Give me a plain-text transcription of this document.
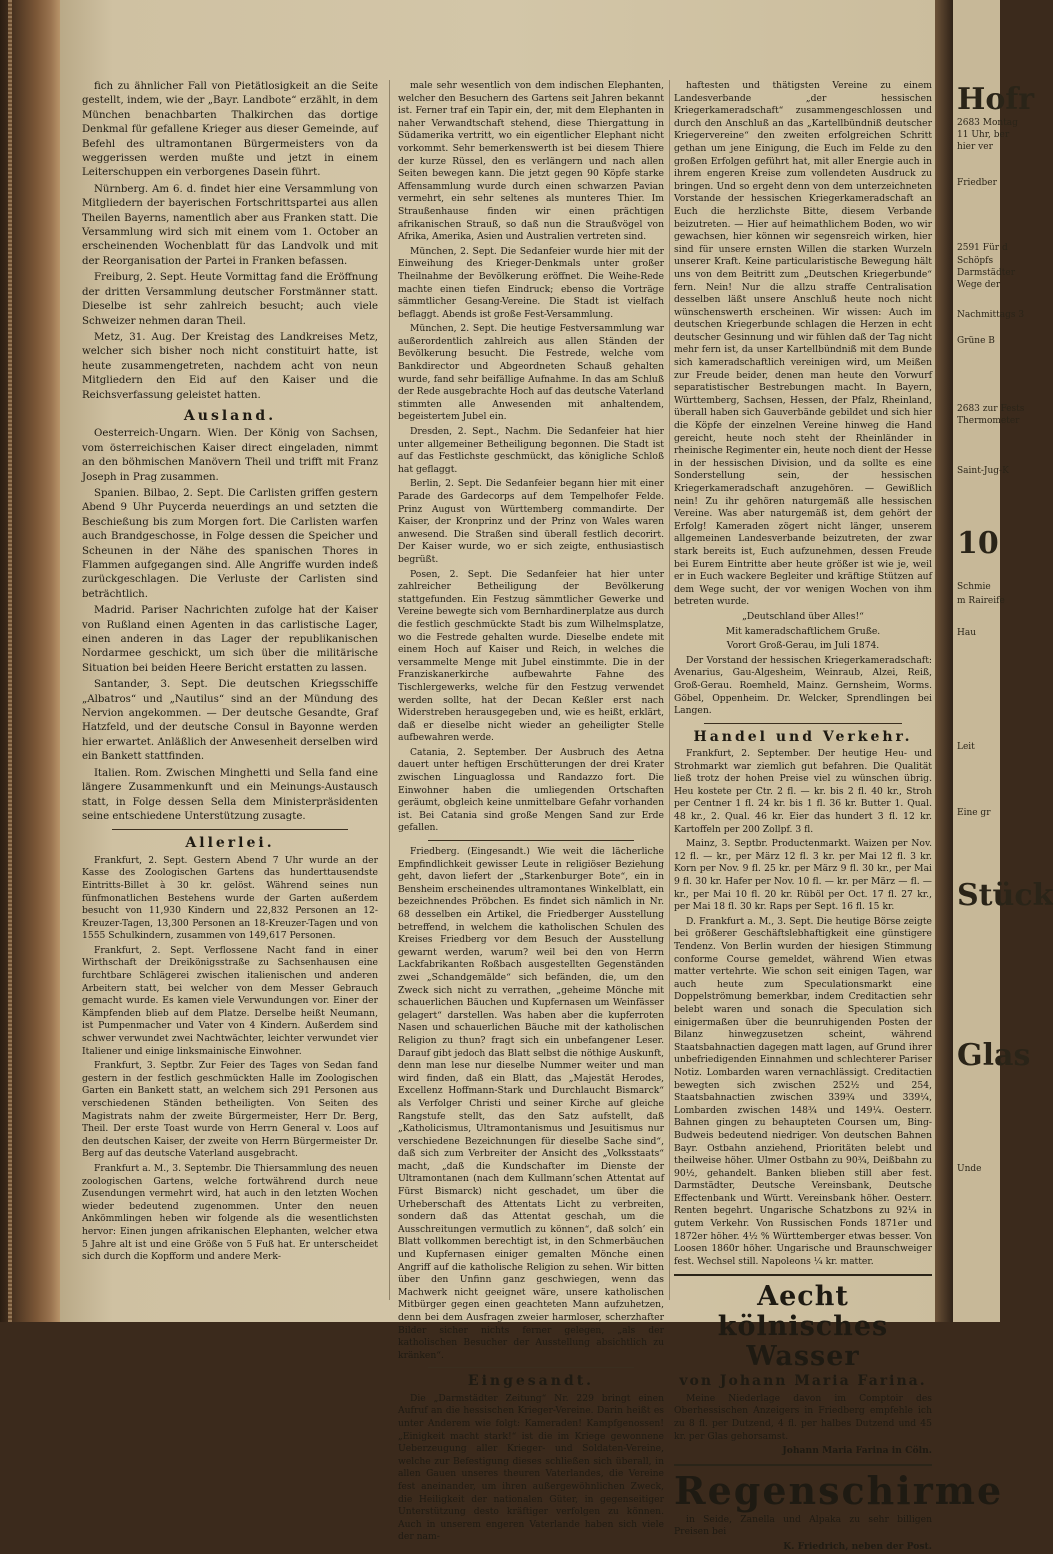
fich zu ähnlicher Fall von Pietätlosigkeit an die Seite gestellt, indem, wie der „Bayr. Landbote“ erzählt, in dem München benachbarten Thalkirchen das dortige Denkmal für gefallene Krieger aus dieser Gemeinde, auf Befehl des ultramontanen Bürgermeisters von da weggerissen werden mußte und jetzt in einem Leiterschuppen ein verborgenes Dasein führt.

Nürnberg. Am 6. d. findet hier eine Versammlung von Mitgliedern der bayerischen Fortschrittspartei aus allen Theilen Bayerns, namentlich aber aus Franken statt. Die Versammlung wird sich mit einem vom 1. October an erscheinenden Wochenblatt für das Landvolk und mit der Reorganisation der Partei in Franken befassen.

Freiburg, 2. Sept. Heute Vormittag fand die Eröffnung der dritten Versammlung deutscher Forstmänner statt. Dieselbe ist sehr zahlreich besucht; auch viele Schweizer nehmen daran Theil.

Metz, 31. Aug. Der Kreistag des Landkreises Metz, welcher sich bisher noch nicht constituirt hatte, ist heute zusammengetreten, nachdem acht von neun Mitgliedern den Eid auf den Kaiser und die Reichsverfassung geleistet hatten.

Ausland.

Oesterreich-Ungarn. Wien. Der König von Sachsen, vom österreichischen Kaiser direct eingeladen, nimmt an den böhmischen Manövern Theil und trifft mit Franz Joseph in Prag zusammen.

Spanien. Bilbao, 2. Sept. Die Carlisten griffen gestern Abend 9 Uhr Puycerda neuerdings an und setzten die Beschießung bis zum Morgen fort. Die Carlisten warfen auch Brandgeschosse, in Folge dessen die Speicher und Scheunen in der Nähe des spanischen Thores in Flammen aufgegangen sind. Alle Angriffe wurden indeß zurückgeschlagen. Die Verluste der Carlisten sind beträchtlich.

Madrid. Pariser Nachrichten zufolge hat der Kaiser von Rußland einen Agenten in das carlistische Lager, einen anderen in das Lager der republikanischen Nordarmee geschickt, um sich über die militärische Situation bei beiden Heere Bericht erstatten zu lassen.

Santander, 3. Sept. Die deutschen Kriegsschiffe „Albatros“ und „Nautilus“ sind an der Mündung des Nervion angekommen. — Der deutsche Gesandte, Graf Hatzfeld, und der deutsche Consul in Bayonne werden hier erwartet. Anläßlich der Anwesenheit derselben wird ein Bankett stattfinden.

Italien. Rom. Zwischen Minghetti und Sella fand eine längere Zusammenkunft und ein Meinungs-Austausch statt, in Folge dessen Sella dem Ministerpräsidenten seine entschiedene Unterstützung zusagte.

Allerlei.

Frankfurt, 2. Sept. Gestern Abend 7 Uhr wurde an der Kasse des Zoologischen Gartens das hunderttausendste Eintritts-Billet à 30 kr. gelöst. Während seines nun fünfmonatlichen Bestehens wurde der Garten außerdem besucht von 11,930 Kindern und 22,832 Personen an 12-Kreuzer-Tagen, 13,300 Personen an 18-Kreuzer-Tagen und von 1555 Schulkindern, zusammen von 149,617 Personen.

Frankfurt, 2. Sept. Verflossene Nacht fand in einer Wirthschaft der Dreikönigsstraße zu Sachsenhausen eine furchtbare Schlägerei zwischen italienischen und anderen Arbeitern statt, bei welcher von dem Messer Gebrauch gemacht wurde. Es kamen viele Verwundungen vor. Einer der Kämpfenden blieb auf dem Platze. Derselbe heißt Neumann, ist Pumpenmacher und Vater von 4 Kindern. Außerdem sind schwer verwundet zwei Nachtwächter, leichter verwundet vier Italiener und einige linksmainische Einwohner.

Frankfurt, 3. Septbr. Zur Feier des Tages von Sedan fand gestern in der festlich geschmückten Halle im Zoologischen Garten ein Bankett statt, an welchem sich 291 Personen aus verschiedenen Ständen betheiligten. Von Seiten des Magistrats nahm der zweite Bürgermeister, Herr Dr. Berg, Theil. Der erste Toast wurde von Herrn General v. Loos auf den deutschen Kaiser, der zweite von Herrn Bürgermeister Dr. Berg auf das deutsche Vaterland ausgebracht.

Frankfurt a. M., 3. Septembr. Die Thiersammlung des neuen zoologischen Gartens, welche fortwährend durch neue Zusendungen vermehrt wird, hat auch in den letzten Wochen wieder bedeutend zugenommen. Unter den neuen Ankömmlingen heben wir folgende als die wesentlichsten hervor: Einen jungen afrikanischen Elephanten, welcher etwa 5 Jahre alt ist und eine Größe von 5 Fuß hat. Er unterscheidet sich durch die Kopfform und andere Merk-

male sehr wesentlich von dem indischen Elephanten, welcher den Besuchern des Gartens seit Jahren bekannt ist. Ferner traf ein Tapir ein, der, mit dem Elephanten in naher Verwandtschaft stehend, diese Thiergattung in Südamerika vertritt, wo ein eigentlicher Elephant nicht vorkommt. Sehr bemerkenswerth ist bei diesem Thiere der kurze Rüssel, den es verlängern und nach allen Seiten bewegen kann. Die jetzt gegen 90 Köpfe starke Affensammlung wurde durch einen schwarzen Pavian vermehrt, ein sehr seltenes als munteres Thier. Im Straußenhause finden wir einen prächtigen afrikanischen Strauß, so daß nun die Straußvögel von Afrika, Amerika, Asien und Australien vertreten sind.

München, 2. Sept. Die Sedanfeier wurde hier mit der Einweihung des Krieger-Denkmals unter großer Theilnahme der Bevölkerung eröffnet. Die Weihe-Rede machte einen tiefen Eindruck; ebenso die Vorträge sämmtlicher Gesang-Vereine. Die Stadt ist vielfach beflaggt. Abends ist große Fest-Versammlung.

München, 2. Sept. Die heutige Festversammlung war außerordentlich zahlreich aus allen Ständen der Bevölkerung besucht. Die Festrede, welche vom Bankdirector und Abgeordneten Schauß gehalten wurde, fand sehr beifällige Aufnahme. In das am Schluß der Rede ausgebrachte Hoch auf das deutsche Vaterland stimmten alle Anwesenden mit anhaltendem, begeistertem Jubel ein.

Dresden, 2. Sept., Nachm. Die Sedanfeier hat hier unter allgemeiner Betheiligung begonnen. Die Stadt ist auf das Festlichste geschmückt, das königliche Schloß hat geflaggt.

Berlin, 2. Sept. Die Sedanfeier begann hier mit einer Parade des Gardecorps auf dem Tempelhofer Felde. Prinz August von Württemberg commandirte. Der Kaiser, der Kronprinz und der Prinz von Wales waren anwesend. Die Straßen sind überall festlich decorirt. Der Kaiser wurde, wo er sich zeigte, enthusiastisch begrüßt.

Posen, 2. Sept. Die Sedanfeier hat hier unter zahlreicher Betheiligung der Bevölkerung stattgefunden. Ein Festzug sämmtlicher Gewerke und Vereine bewegte sich vom Bernhardinerplatze aus durch die festlich geschmückte Stadt bis zum Wilhelmsplatze, wo die Festrede gehalten wurde. Dieselbe endete mit einem Hoch auf Kaiser und Reich, in welches die versammelte Menge mit Jubel einstimmte. Die in der Franziskanerkirche aufbewahrte Fahne des Tischlergewerks, welche für den Festzug verwendet werden sollte, hat der Decan Keßler erst nach Widerstreben herausgegeben und, wie es heißt, erklärt, daß er dieselbe nicht wieder an geheiligter Stelle aufbewahren werde.

Catania, 2. September. Der Ausbruch des Aetna dauert unter heftigen Erschütterungen der drei Krater zwischen Linguaglossa und Randazzo fort. Die Einwohner haben die umliegenden Ortschaften geräumt, obgleich keine unmittelbare Gefahr vorhanden ist. Bei Catania sind große Mengen Sand zur Erde gefallen.

Friedberg. (Eingesandt.) Wie weit die lächerliche Empfindlichkeit gewisser Leute in religiöser Beziehung geht, davon liefert der „Starkenburger Bote“, ein in Bensheim erscheinendes ultramontanes Winkelblatt, ein bezeichnendes Pröbchen. Es findet sich nämlich in Nr. 68 desselben ein Artikel, die Friedberger Ausstellung betreffend, in welchem die katholischen Schulen des Kreises Friedberg vor dem Besuch der Ausstellung gewarnt werden, warum? weil bei den von Herrn Lackfabrikanten Roßbach ausgestellten Gegenständen zwei „Schandgemälde“ sich befänden, die, um den Zweck sich nicht zu verrathen, „geheime Mönche mit schauerlichen Bäuchen und Kupfernasen um Weinfässer gelagert“ darstellen. Was haben aber die kupferroten Nasen und schauerlichen Bäuche mit der katholischen Religion zu thun? fragt sich ein unbefangener Leser. Darauf gibt jedoch das Blatt selbst die nöthige Auskunft, denn man lese nur dieselbe Nummer weiter und man wird finden, daß ein Blatt, das „Majestät Herodes, Excellenz Hoffmann-Stark und Durchlaucht Bismarck“ als Verfolger Christi und seiner Kirche auf gleiche Rangstufe stellt, das den Satz aufstellt, daß „Katholicismus, Ultramontanismus und Jesuitismus nur verschiedene Bezeichnungen für dieselbe Sache sind“, daß sich zum Verbreiter der Ansicht des „Volksstaats“ macht, „daß die Kundschafter im Dienste der Ultramontanen (nach dem Kullmann’schen Attentat auf Fürst Bismarck) nicht geschadet, um über die Urheberschaft des Attentats Licht zu verbreiten, sondern daß das Attentat geschah, um die Ausschreitungen vermutlich zu können“, daß solch’ ein Blatt vollkommen berechtigt ist, in den Schmerbäuchen und Kupfernasen einiger gemalten Mönche einen Angriff auf die katholische Religion zu sehen. Wir bitten über den Unfinn ganz geschwiegen, wenn das Machwerk nicht geeignet wäre, unsere katholischen Mitbürger gegen einen geachteten Mann aufzuhetzen, denn bei dem Ausfragen zweier harmloser, scherzhafter Bilder sicher nichts ferner gelegen, „als der katholischen Besucher der Ausstellung absichtlich zu kränken“.

Eingesandt.

Die „Darmstädter Zeitung“ Nr. 229 bringt einen Aufruf an die hessischen Krieger-Vereine. Darin heißt es unter Anderem wie folgt: Kameraden! Kampfgenossen! „Einigkeit macht stark!“ ist die im Kriege gewonnene Ueberzeugung aller Krieger- und Soldaten-Vereine, welche zur Befestigung dieses schließen sich überall, in allen Gauen unseres theuren Vaterlandes, die Vereine fest aneinander, um ihren außergewöhnlichen Zweck, die Heiligkeit der nationalen Güter, in gegenseitiger Unterstützung desto kräftiger verfolgen zu können. Auch in unserem engeren Vaterlande haben sich viele der nam-

haftesten und thätigsten Vereine zu einem Landesverbande „der hessischen Kriegerkameradschaft“ zusammengeschlossen und durch den Anschluß an das „Kartellbündniß deutscher Kriegervereine“ den zweiten erfolgreichen Schritt gethan um jene Einigung, die Euch im Felde zu den großen Erfolgen geführt hat, mit aller Energie auch in ihrem engeren Kreise zum vollendeten Ausdruck zu bringen. Und so ergeht denn von dem unterzeichneten Vorstande der hessischen Kriegerkameradschaft an Euch die herzlichste Bitte, diesem Verbande beizutreten. — Hier auf heimathlichem Boden, wo wir gewachsen, hier können wir segensreich wirken, hier sind für unsere ernsten Willen die starken Wurzeln unserer Kraft. Keine particularistische Bewegung hält uns von dem Beitritt zum „Deutschen Kriegerbunde“ fern. Nein! Nur die allzu straffe Centralisation desselben läßt unsere Anschluß heute noch nicht wünschenswerth erscheinen. Wir wissen: Auch im deutschen Kriegerbunde schlagen die Herzen in echt deutscher Gesinnung und wir fühlen daß der Tag nicht mehr fern ist, da unser Kartellbündniß mit dem Bunde sich kameradschaftlich vereinigen wird, um Meißen zur Freude beider, denen man heute den Vorwurf separatistischer Bestrebungen macht. In Bayern, Württemberg, Sachsen, Hessen, der Pfalz, Rheinland, überall haben sich Gauverbände gebildet und sich hier die Köpfe der einzelnen Vereine hinweg die Hand gereicht, heute noch steht der Rheinländer in rheinische Regimenter ein, heute noch dient der Hesse in der hessischen Division, und da sollte es eine Sonderstellung sein, der hessischen Kriegerkameradschaft anzugehören. — Gewißlich nein! Zu ihr gehören naturgemäß alle hessischen Vereine. Was aber naturgemäß ist, dem gehört der Erfolg! Kameraden zögert nicht länger, unserem allgemeinen Landesverbande beizutreten, der zwar stark bereits ist, Euch aufzunehmen, dessen Freude bei Eurem Eintritte aber heute größer ist wie je, weil er in Euch wackere Begleiter und kräftige Stützen auf dem Wege sucht, der vor wenigen Wochen von ihm betreten wurde.

„Deutschland über Alles!“

Mit kameradschaftlichem Gruße.

Vorort Groß-Gerau, im Juli 1874.

Der Vorstand der hessischen Kriegerkameradschaft: Avenarius, Gau-Algesheim, Weinraub, Alzei, Reiß, Groß-Gerau. Roemheld, Mainz. Gernsheim, Worms. Göbel, Oppenheim. Dr. Welcker, Sprendlingen bei Langen.

Handel und Verkehr.

Frankfurt, 2. September. Der heutige Heu- und Strohmarkt war ziemlich gut befahren. Die Qualität ließ trotz der hohen Preise viel zu wünschen übrig. Heu kostete per Ctr. 2 fl. — kr. bis 2 fl. 40 kr., Stroh per Centner 1 fl. 24 kr. bis 1 fl. 36 kr. Butter 1. Qual. 48 kr., 2. Qual. 46 kr. Eier das hundert 3 fl. 12 kr. Kartoffeln per 200 Zollpf. 3 fl.

Mainz, 3. Septbr. Productenmarkt. Waizen per Nov. 12 fl. — kr., per März 12 fl. 3 kr. per Mai 12 fl. 3 kr. Korn per Nov. 9 fl. 25 kr. per März 9 fl. 30 kr., per Mai 9 fl. 30 kr. Hafer per Nov. 10 fl. — kr. per März — fl. — kr., per Mai 10 fl. 20 kr. Rüböl per Oct. 17 fl. 27 kr., per Mai 18 fl. 30 kr. Raps per Sept. 16 fl. 15 kr.

D. Frankfurt a. M., 3. Sept. Die heutige Börse zeigte bei größerer Geschäftslebhaftigkeit eine günstigere Tendenz. Von Berlin wurden der hiesigen Stimmung conforme Course gemeldet, während Wien etwas matter vertehrte. Wie schon seit einigen Tagen, war auch heute zum Speculationsmarkt eine Doppelströmung bemerkbar, indem Creditactien sehr belebt waren und sonach die Speculation sich einigermaßen über die beunruhigenden Posten der Bilanz hinwegzusetzen scheint, während Staatsbahnactien dagegen matt lagen, auf Grund ihrer unbefriedigenden Einnahmen und schlechterer Pariser Notiz. Lombarden waren vernachlässigt. Creditactien bewegten sich zwischen 252½ und 254, Staatsbahnactien zwischen 339¾ und 339¼, Lombarden zwischen 148¾ und 149¼. Oesterr. Bahnen gingen zu behaupteten Coursen um, Bing-Budweis bedeutend niedriger. Von deutschen Bahnen Bayr. Ostbahn anziehend, Prioritäten belebt und theilweise höher. Ulmer Ostbahn zu 90¾, Deißbahn zu 90½, gehandelt. Banken blieben still aber fest. Darmstädter, Deutsche Vereinsbank, Deutsche Effectenbank und Württ. Vereinsbank höher. Oesterr. Renten begehrt. Ungarische Schatzbons zu 92¼ in gutem Verkehr. Von Russischen Fonds 1871er und 1872er höher. 4½ % Württemberger etwas besser. Von Loosen 1860r höher. Ungarische und Braunschweiger fest. Wechsel still. Napoleons ¼ kr. matter.

Aecht kölnisches Wasser
von Johann Maria Farina.

Meine Niederlage davon im Comptoir des Oberhessischen Anzeigers in Friedberg empfehle ich zu 8 fl. per Dutzend, 4 fl. per halbes Dutzend und 45 kr. per Glas gehorsamst.

Johann Maria Farina in Cöln.

Regenschirme

in Seide, Zanella und Alpaka zu sehr billigen Preisen bei

K. Friedrich, neben der Post.

Hofr
2683 Montag
11 Uhr, ber
hier ver
Friedber
2591 Für d
Schöpfs
Darmstädter
Wege der
Nachmittags 3
Grüne B
2683 zur Fests
Thermometer
Saint-Jug-K
10
Schmie
m Raireife
Hau
Leit
Eine gr
Stück
Glas
Unde
